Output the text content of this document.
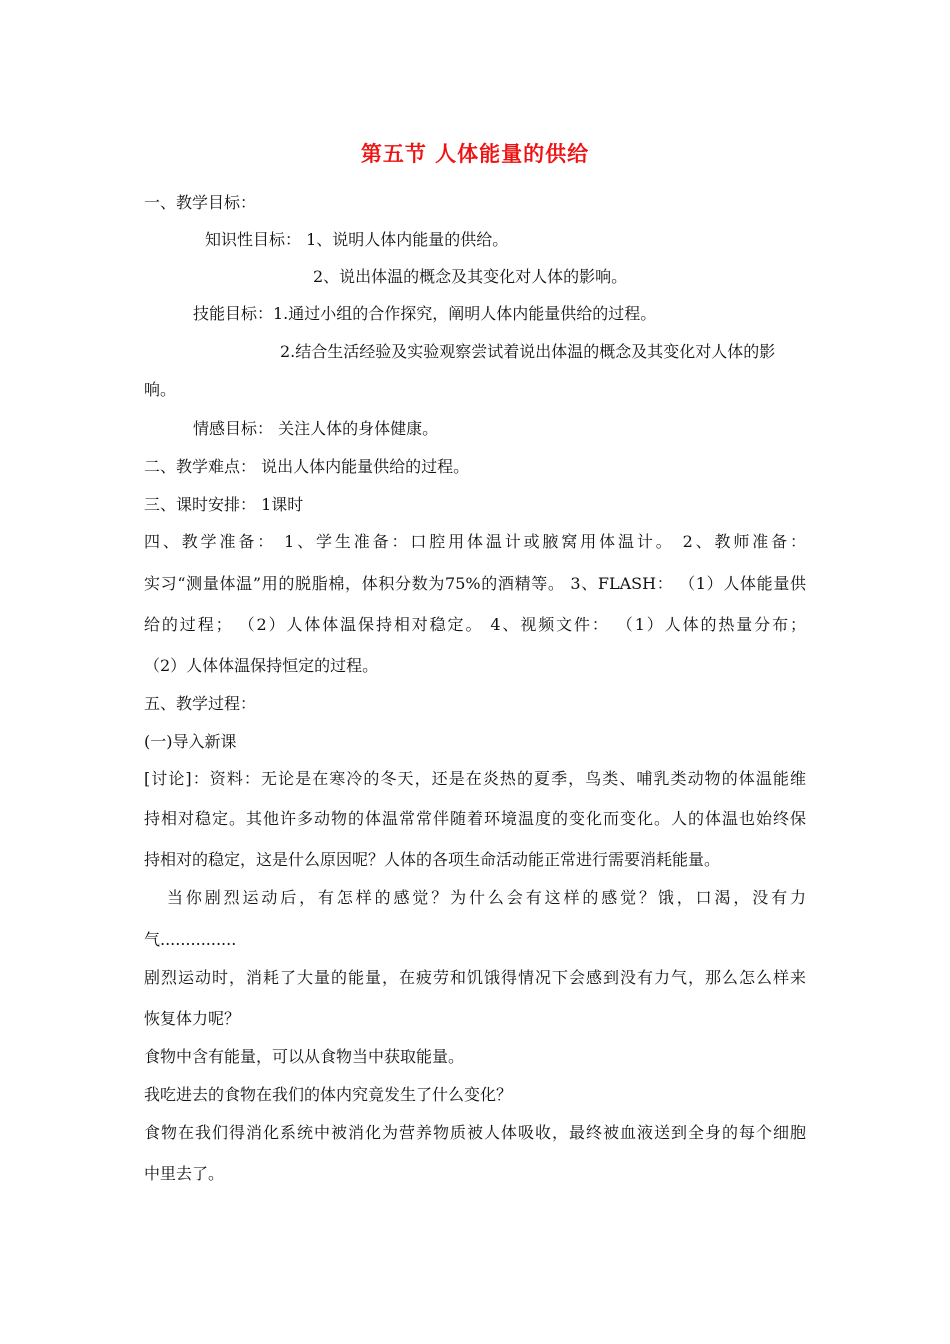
第五节 人体能量的供给
一、教学目标：
知识性目标： 1、说明人体内能量的供给。
2、说出体温的概念及其变化对人体的影响。
技能目标：1.通过小组的合作探究，阐明人体内能量供给的过程。
2.结合生活经验及实验观察尝试着说出体温的概念及其变化对人体的影
响。
情感目标： 关注人体的身体健康。
二、教学难点： 说出人体内能量供给的过程。
三、课时安排： 1课时
四、教学准备： 1、学生准备：口腔用体温计或腋窝用体温计。 2、教师准备：
实习“测量体温”用的脱脂棉，体积分数为75%的酒精等。 3、FLASH： （1）人体能量供
给的过程； （2）人体体温保持相对稳定。 4、视频文件： （1）人体的热量分布；
（2）人体体温保持恒定的过程。
五、教学过程：
(一)导入新课
[讨论]：资料：无论是在寒冷的冬天，还是在炎热的夏季，鸟类、哺乳类动物的体温能维
持相对稳定。其他许多动物的体温常常伴随着环境温度的变化而变化。人的体温也始终保
持相对的稳定，这是什么原因呢？人体的各项生命活动能正常进行需要消耗能量。
当你剧烈运动后，有怎样的感觉？为什么会有这样的感觉？饿，口渴，没有力
气...............
剧烈运动时，消耗了大量的能量，在疲劳和饥饿得情况下会感到没有力气，那么怎么样来
恢复体力呢？
食物中含有能量，可以从食物当中获取能量。
我吃进去的食物在我们的体内究竟发生了什么变化？
食物在我们得消化系统中被消化为营养物质被人体吸收，最终被血液送到全身的每个细胞
中里去了。
